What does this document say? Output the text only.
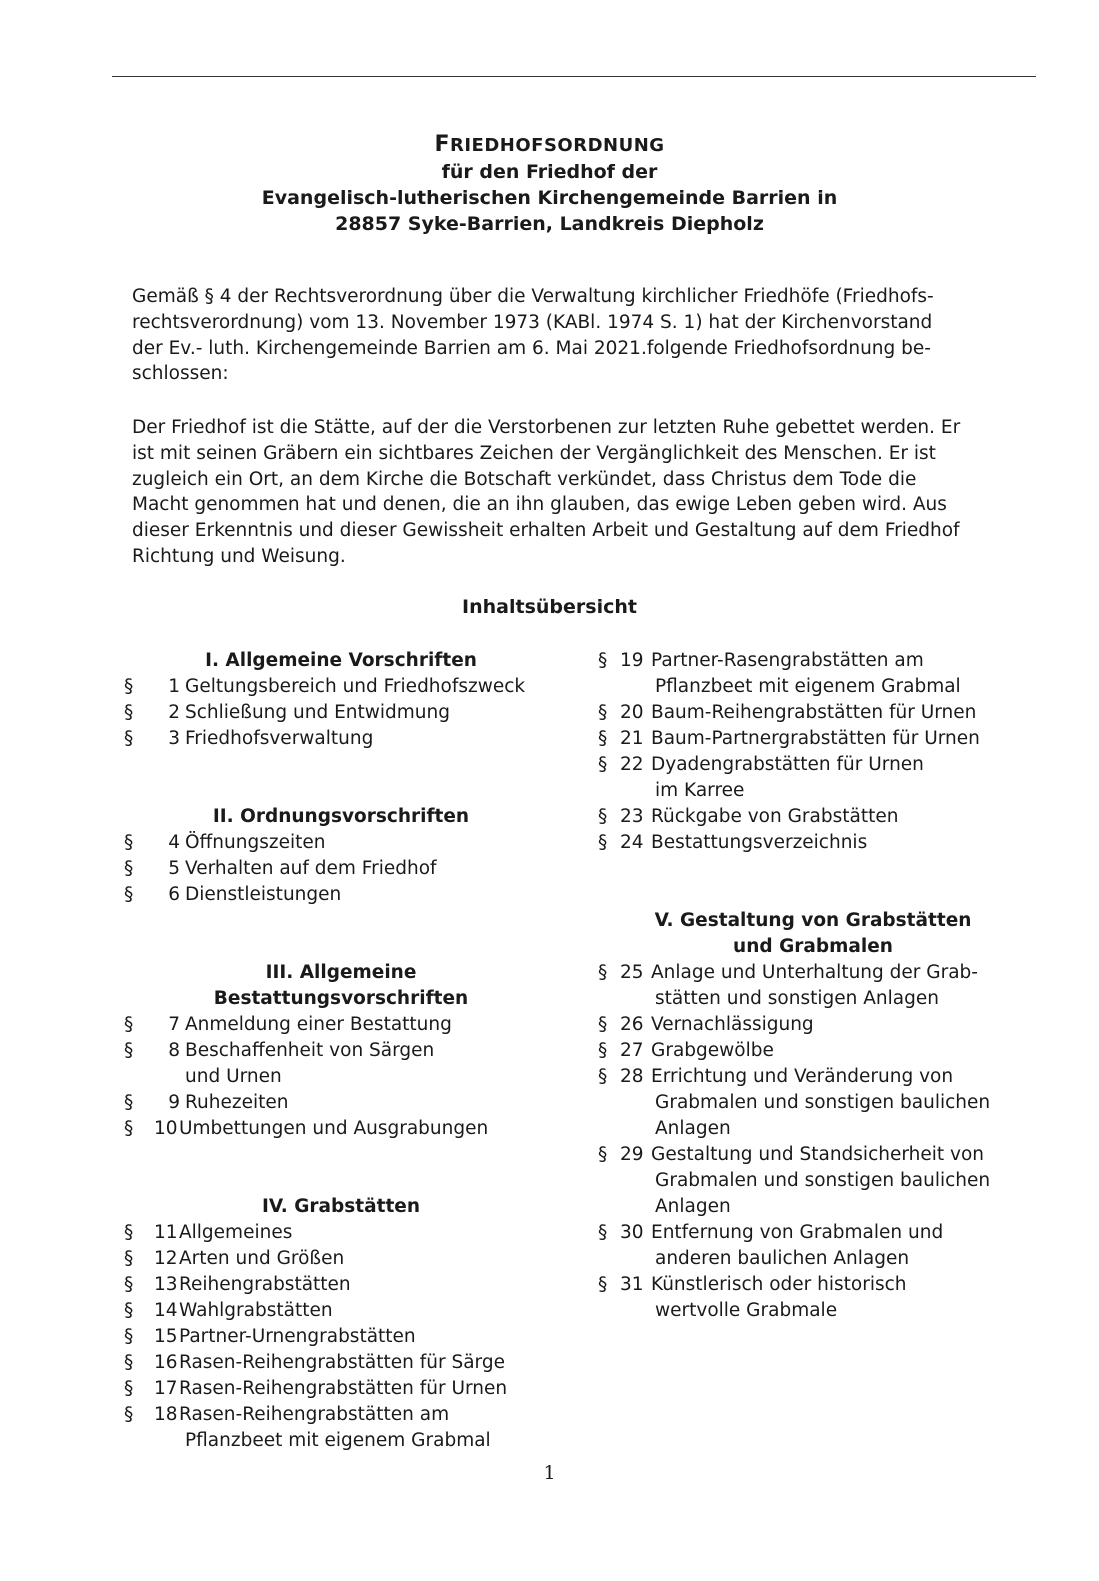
FRIEDHOFSORDNUNG
für den Friedhof der
Evangelisch-lutherischen Kirchengemeinde Barrien in
28857 Syke-Barrien, Landkreis Diepholz
Gemäß § 4 der Rechtsverordnung über die Verwaltung kirchlicher Friedhöfe (Friedhofs-
rechtsverordnung) vom 13. November 1973 (KABl. 1974 S. 1) hat der Kirchenvorstand
der Ev.- luth. Kirchengemeinde Barrien am 6. Mai 2021.folgende Friedhofsordnung be-
schlossen:
Der Friedhof ist die Stätte, auf der die Verstorbenen zur letzten Ruhe gebettet werden. Er
ist mit seinen Gräbern ein sichtbares Zeichen der Vergänglichkeit des Menschen. Er ist
zugleich ein Ort, an dem Kirche die Botschaft verkündet, dass Christus dem Tode die
Macht genommen hat und denen, die an ihn glauben, das ewige Leben geben wird. Aus
dieser Erkenntnis und dieser Gewissheit erhalten Arbeit und Gestaltung auf dem Friedhof
Richtung und Weisung.
Inhaltsübersicht
I. Allgemeine Vorschriften
§	1 Geltungsbereich und Friedhofszweck
§	2 Schließung und Entwidmung
§	3 Friedhofsverwaltung
II. Ordnungsvorschriften
§	4 Öffnungszeiten
§	5 Verhalten auf dem Friedhof
§	6 Dienstleistungen
III. Allgemeine
Bestattungsvorschriften
§	7 Anmeldung einer Bestattung
§	8 Beschaffenheit von Särgen
und Urnen
§	9 Ruhezeiten
§	10 Umbettungen und Ausgrabungen
IV. Grabstätten
§	11 Allgemeines
§	12 Arten und Größen
§	13 Reihengrabstätten
§	14 Wahlgrabstätten
§	15 Partner-Urnengrabstätten
§	16 Rasen-Reihengrabstätten für Särge
§	17 Rasen-Reihengrabstätten für Urnen
§	18 Rasen-Reihengrabstätten am
Pflanzbeet mit eigenem Grabmal
§ 19 Partner-Rasengrabstätten am
Pflanzbeet mit eigenem Grabmal
§ 20 Baum-Reihengrabstätten für Urnen
§ 21 Baum-Partnergrabstätten für Urnen
§ 22 Dyadengrabstätten für Urnen
im Karree
§ 23 Rückgabe von Grabstätten
§ 24 Bestattungsverzeichnis
V. Gestaltung von Grabstätten
und Grabmalen
§ 25 Anlage und Unterhaltung der Grab-
stätten und sonstigen Anlagen
§ 26 Vernachlässigung
§ 27 Grabgewölbe
§ 28 Errichtung und Veränderung von
Grabmalen und sonstigen baulichen
Anlagen
§ 29 Gestaltung und Standsicherheit von
Grabmalen und sonstigen baulichen
Anlagen
§ 30 Entfernung von Grabmalen und
anderen baulichen Anlagen
§ 31 Künstlerisch oder historisch
wertvolle Grabmale
1
